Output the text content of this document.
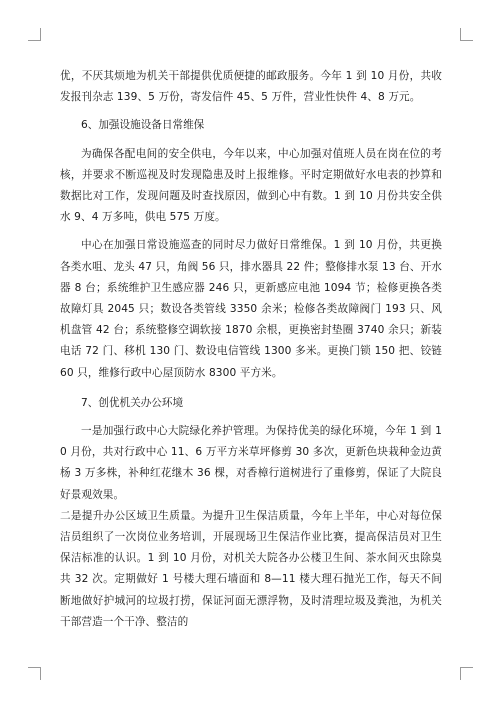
优，不厌其烦地为机关干部提供优质便捷的邮政服务。今年 1 到 10 月份，共收发报刊杂志 139、5 万份，寄发信件 45、5 万件，营业性快件 4、8 万元。

6、加强设施设备日常维保

为确保各配电间的安全供电，今年以来，中心加强对值班人员在岗在位的考核，并要求不断巡视及时发现隐患及时上报维修。平时定期做好水电表的抄算和数据比对工作，发现问题及时查找原因，做到心中有数。1 到 10 月份共安全供水 9、4 万多吨，供电 575 万度。

中心在加强日常设施巡查的同时尽力做好日常维保。1 到 10 月份，共更换各类水咀、龙头 47 只，角阀 56 只，排水器具 22 件；整修排水泵 13 台、开水器 8 台；系统维护卫生感应器 246 只，更新感应电池 1094 节；检修更换各类故障灯具 2045 只；数设各类管线 3350 余米；检修各类故障阀门 193 只、风机盘管 42 台；系统整修空调软接 1870 余根，更换密封垫圈 3740 余只；新装电话 72 门、移机 130 门、数设电信管线 1300 多米。更换门锁 150 把、铰链 60 只，维修行政中心屋顶防水 8300 平方米。

7、创优机关办公环境

一是加强行政中心大院绿化养护管理。为保持优美的绿化环境，今年 1 到 10 月份，共对行政中心 11、6 万平方米草坪修剪 30 多次，更新色块栽种金边黄杨 3 万多株，补种红花继木 36 棵，对香樟行道树进行了重修剪，保证了大院良好景观效果。

二是提升办公区域卫生质量。为提升卫生保洁质量，今年上半年，中心对每位保洁员组织了一次岗位业务培训，开展现场卫生保洁作业比赛，提高保洁员对卫生保洁标准的认识。1 到 10 月份，对机关大院各办公楼卫生间、茶水间灭虫除臭共 32 次。定期做好 1 号楼大理石墙面和 8—11 楼大理石抛光工作，每天不间断地做好护城河的垃圾打捞，保证河面无漂浮物，及时清理垃圾及粪池，为机关干部营造一个干净、整洁的
